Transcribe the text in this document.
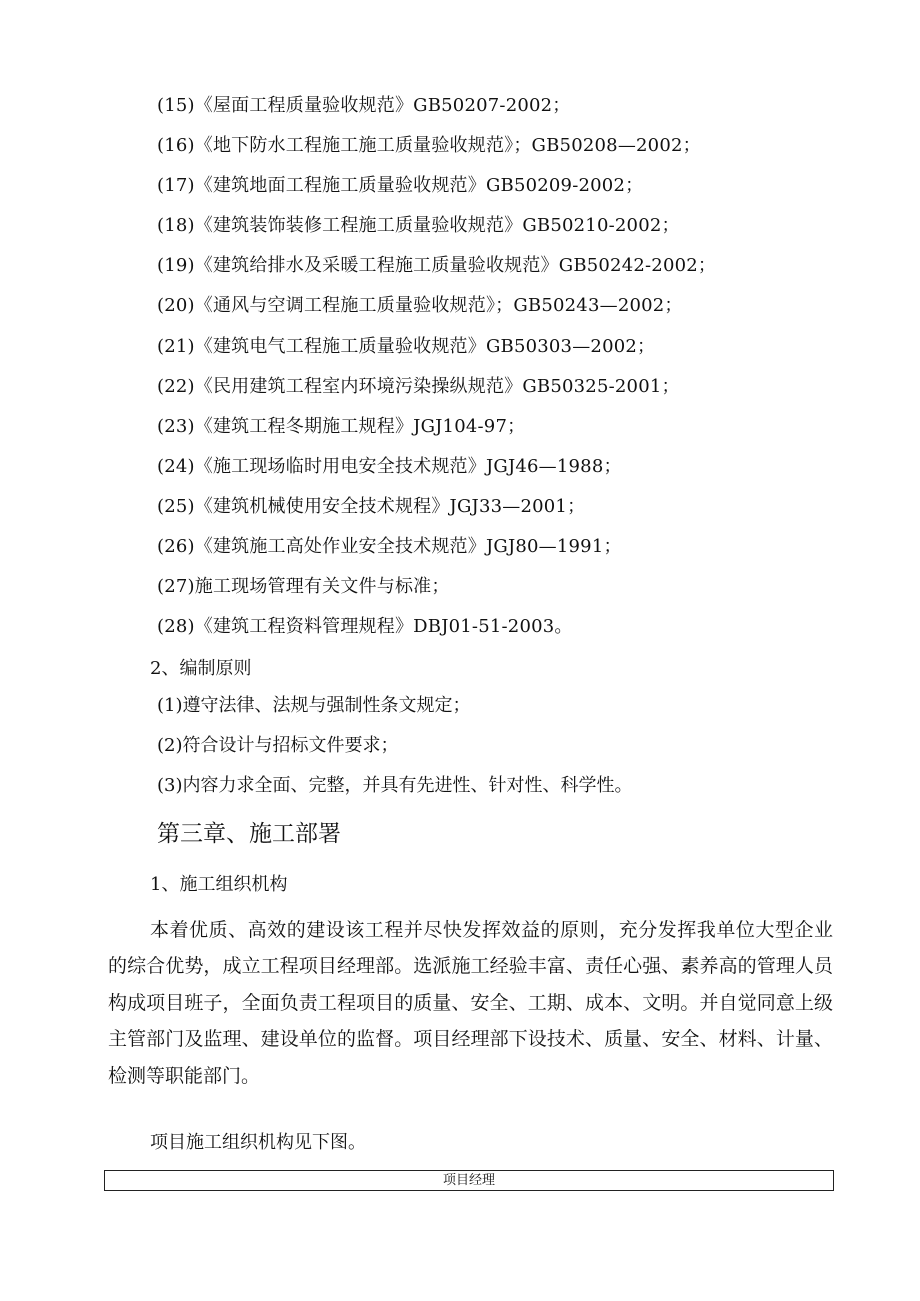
(15)《屋面工程质量验收规范》GB50207-2002；
(16)《地下防水工程施工施工质量验收规范》；GB50208—2002；
(17)《建筑地面工程施工质量验收规范》GB50209-2002；
(18)《建筑装饰装修工程施工质量验收规范》GB50210-2002；
(19)《建筑给排水及采暖工程施工质量验收规范》GB50242-2002；
(20)《通风与空调工程施工质量验收规范》；GB50243—2002；
(21)《建筑电气工程施工质量验收规范》GB50303—2002；
(22)《民用建筑工程室内环境污染操纵规范》GB50325-2001；
(23)《建筑工程冬期施工规程》JGJ104-97；
(24)《施工现场临时用电安全技术规范》JGJ46—1988；
(25)《建筑机械使用安全技术规程》JGJ33—2001；
(26)《建筑施工高处作业安全技术规范》JGJ80—1991；
(27)施工现场管理有关文件与标准；
(28)《建筑工程资料管理规程》DBJ01-51-2003。
2、编制原则
(1)遵守法律、法规与强制性条文规定；
(2)符合设计与招标文件要求；
(3)内容力求全面、完整，并具有先进性、针对性、科学性。
第三章、施工部署
1、施工组织机构

本着优质、高效的建设该工程并尽快发挥效益的原则，充分发挥我单位大型企业的综合优势，成立工程项目经理部。选派施工经验丰富、责任心强、素养高的管理人员构成项目班子，全面负责工程项目的质量、安全、工期、成本、文明。并自觉同意上级主管部门及监理、建设单位的监督。项目经理部下设技术、质量、安全、材料、计量、检测等职能部门。

项目施工组织机构见下图。
项目经理
